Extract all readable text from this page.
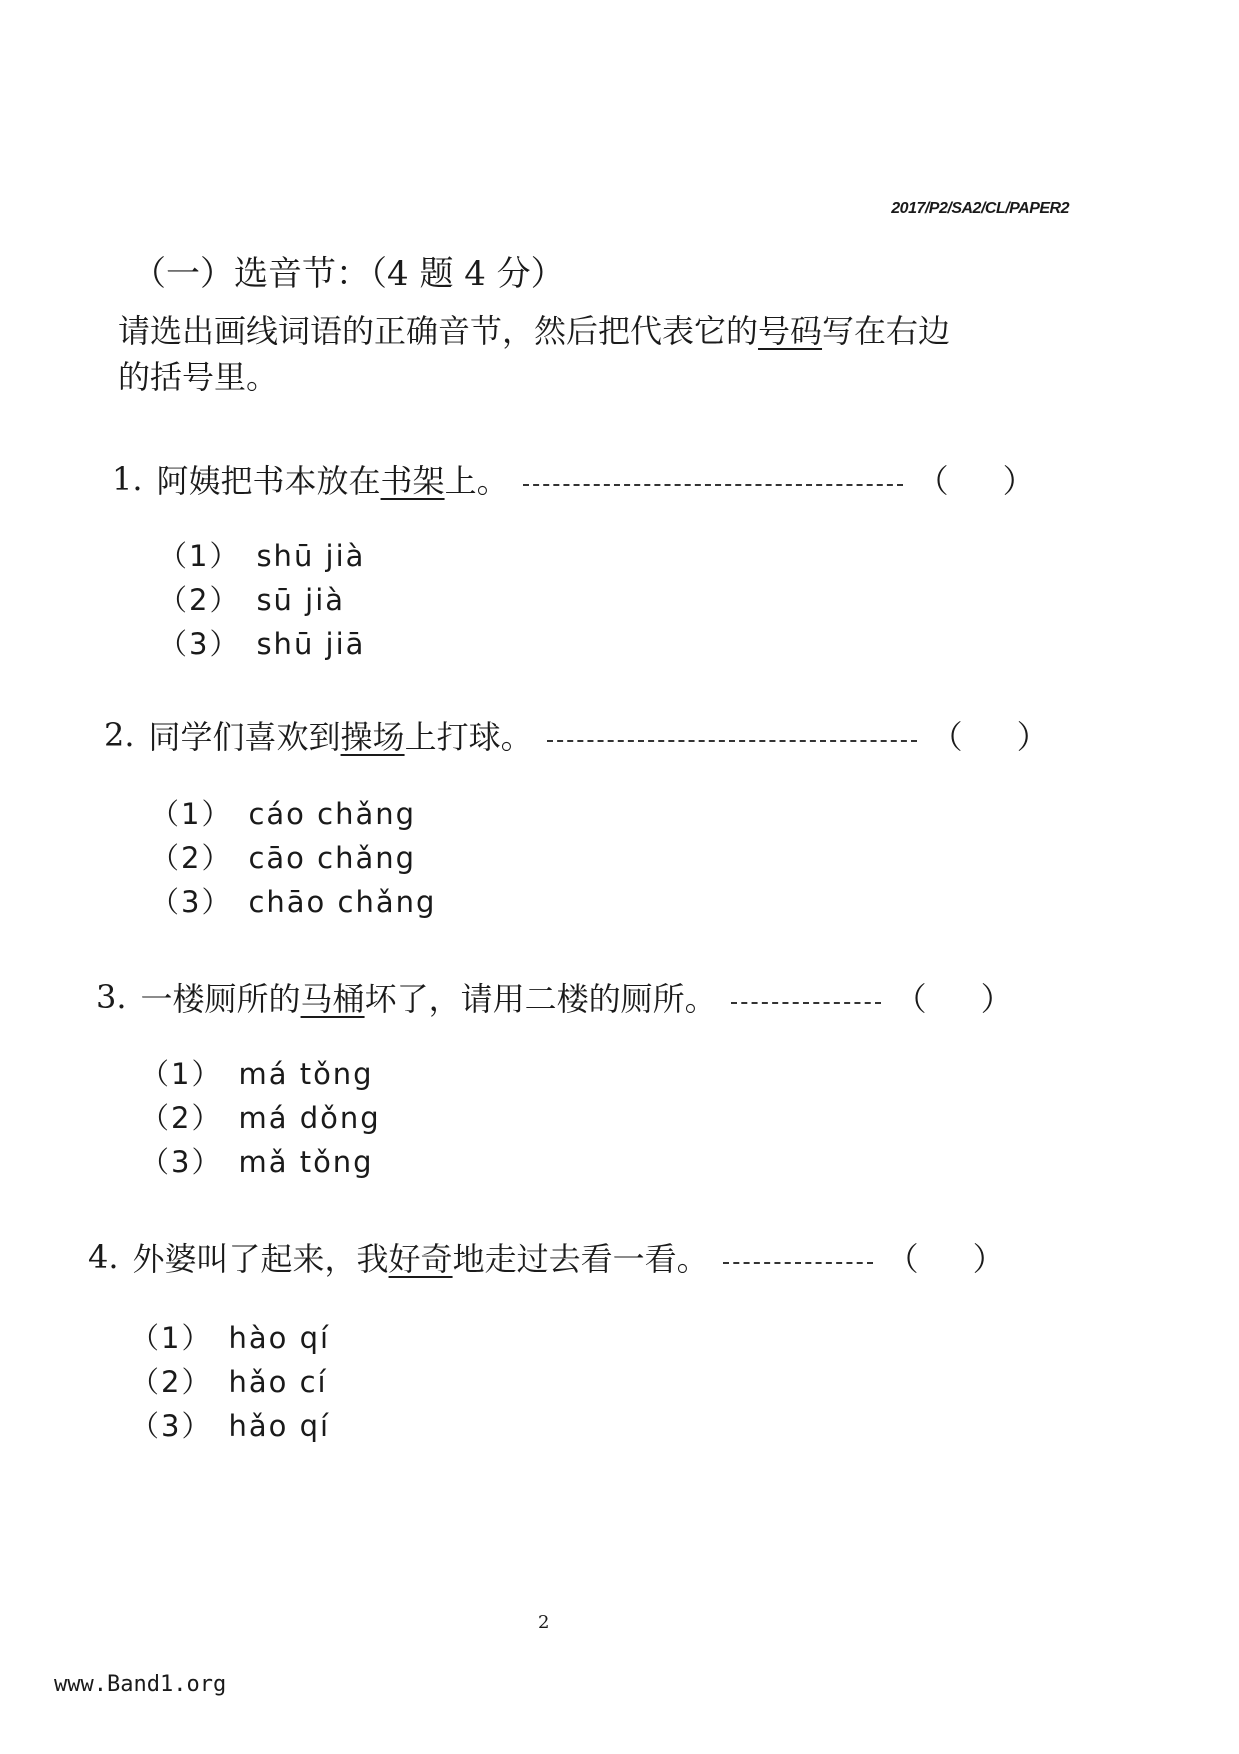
2017/P2/SA2/CL/PAPER2
（一）选音节：（4 题 4 分）
请选出画线词语的正确音节，然后把代表它的号码写在右边
的括号里。
1. 阿姨把书本放在书架上。	（ ）
（1） shū jià
（2） sū jià
（3） shū jiā
2. 同学们喜欢到操场上打球。	（ ）
（1） cáo chǎng
（2） cāo chǎng
（3） chāo chǎng
3. 一楼厕所的马桶坏了，请用二楼的厕所。	（ ）
（1） má tǒng
（2） má dǒng
（3） mǎ tǒng
4. 外婆叫了起来，我好奇地走过去看一看。	（ ）
（1） hào qí
（2） hǎo cí
（3） hǎo qí
2
www.Band1.org
